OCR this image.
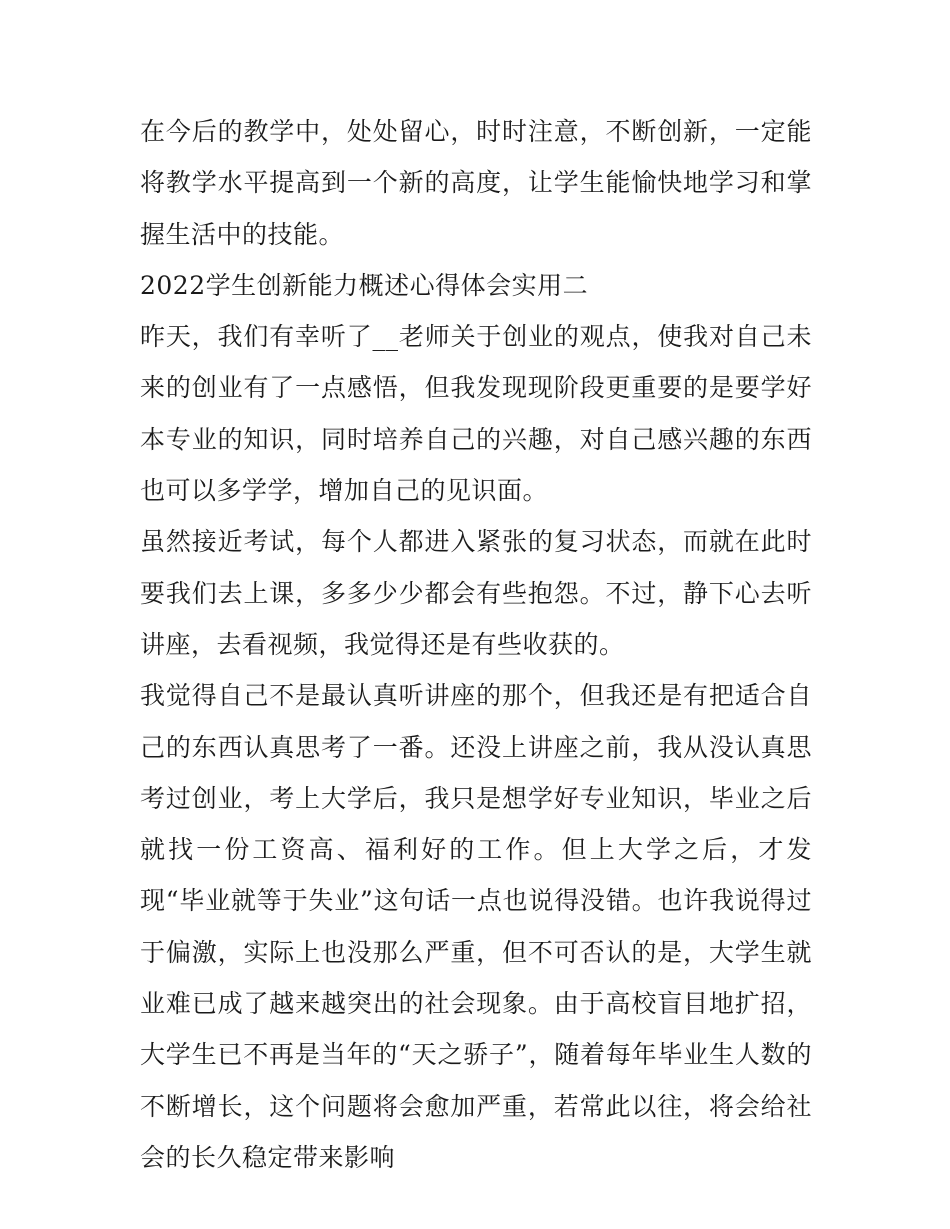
在今后的教学中，处处留心，时时注意，不断创新，一定能将教学水平提高到一个新的高度，让学生能愉快地学习和掌握生活中的技能。

2022学生创新能力概述心得体会实用二

昨天，我们有幸听了__老师关于创业的观点，使我对自己未来的创业有了一点感悟，但我发现现阶段更重要的是要学好本专业的知识，同时培养自己的兴趣，对自己感兴趣的东西也可以多学学，增加自己的见识面。

虽然接近考试，每个人都进入紧张的复习状态，而就在此时要我们去上课，多多少少都会有些抱怨。不过，静下心去听讲座，去看视频，我觉得还是有些收获的。

我觉得自己不是最认真听讲座的那个，但我还是有把适合自己的东西认真思考了一番。还没上讲座之前，我从没认真思考过创业，考上大学后，我只是想学好专业知识，毕业之后就找一份工资高、福利好的工作。但上大学之后，才发现“毕业就等于失业”这句话一点也说得没错。也许我说得过于偏激，实际上也没那么严重，但不可否认的是，大学生就业难已成了越来越突出的社会现象。由于高校盲目地扩招，大学生已不再是当年的“天之骄子”，随着每年毕业生人数的不断增长，这个问题将会愈加严重，若常此以往，将会给社会的长久稳定带来影响
